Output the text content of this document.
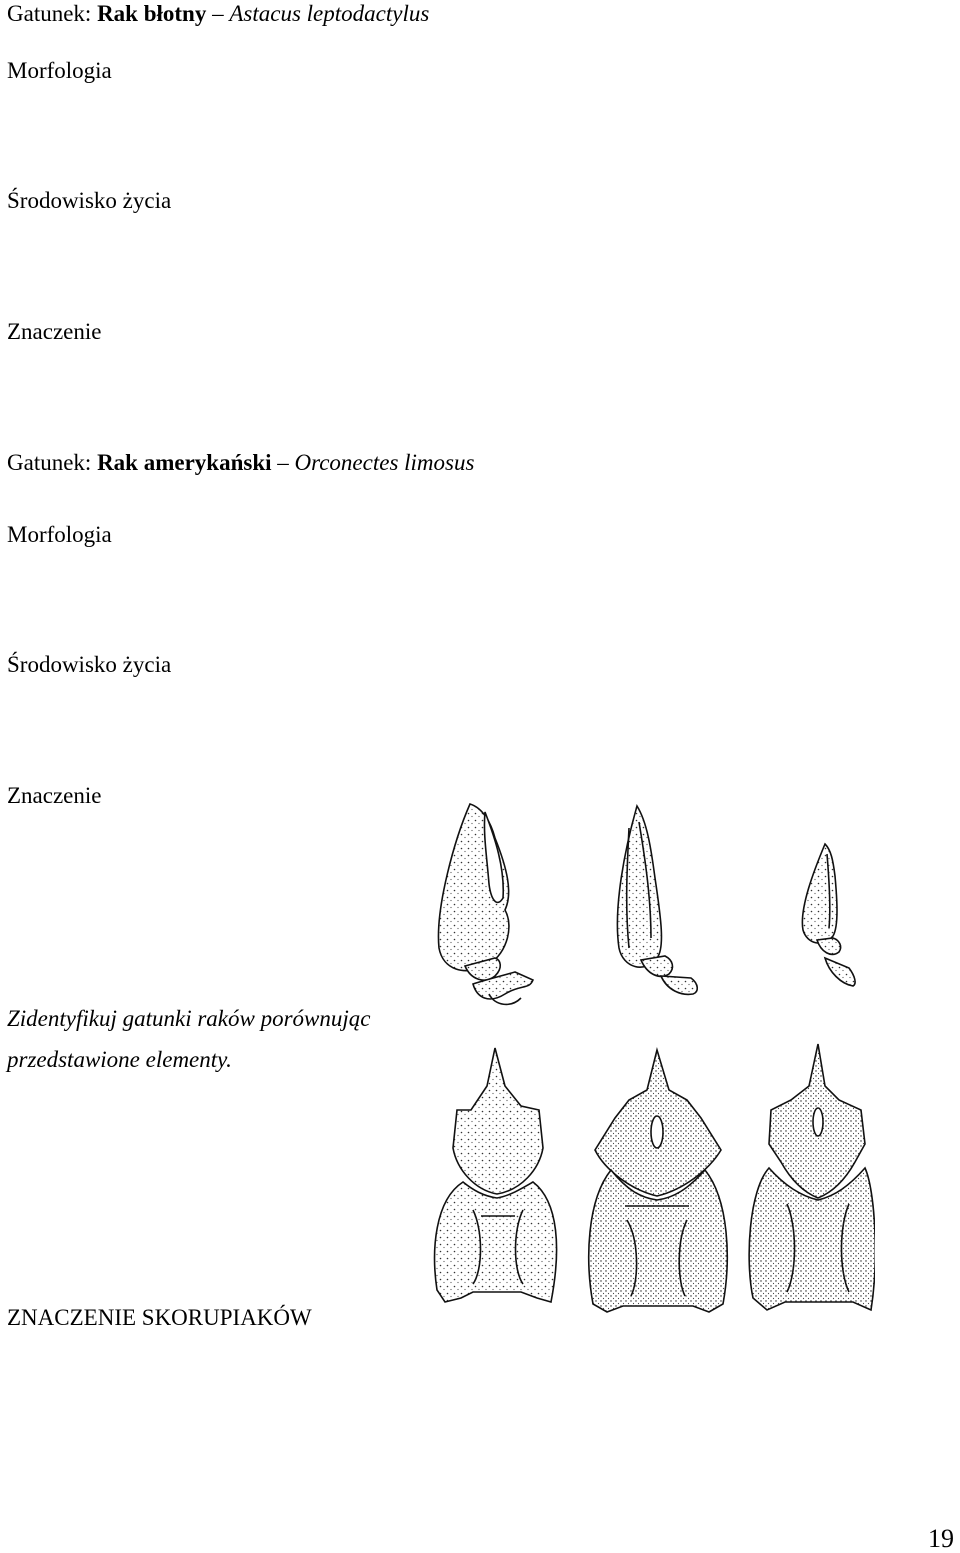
Gatunek: Rak błotny – Astacus leptodactylus
Morfologia
Środowisko życia
Znaczenie
Gatunek: Rak amerykański – Orconectes limosus
Morfologia
Środowisko życia
Znaczenie
Zidentyfikuj gatunki raków porównując
przedstawione elementy.
ZNACZENIE SKORUPIAKÓW
19
